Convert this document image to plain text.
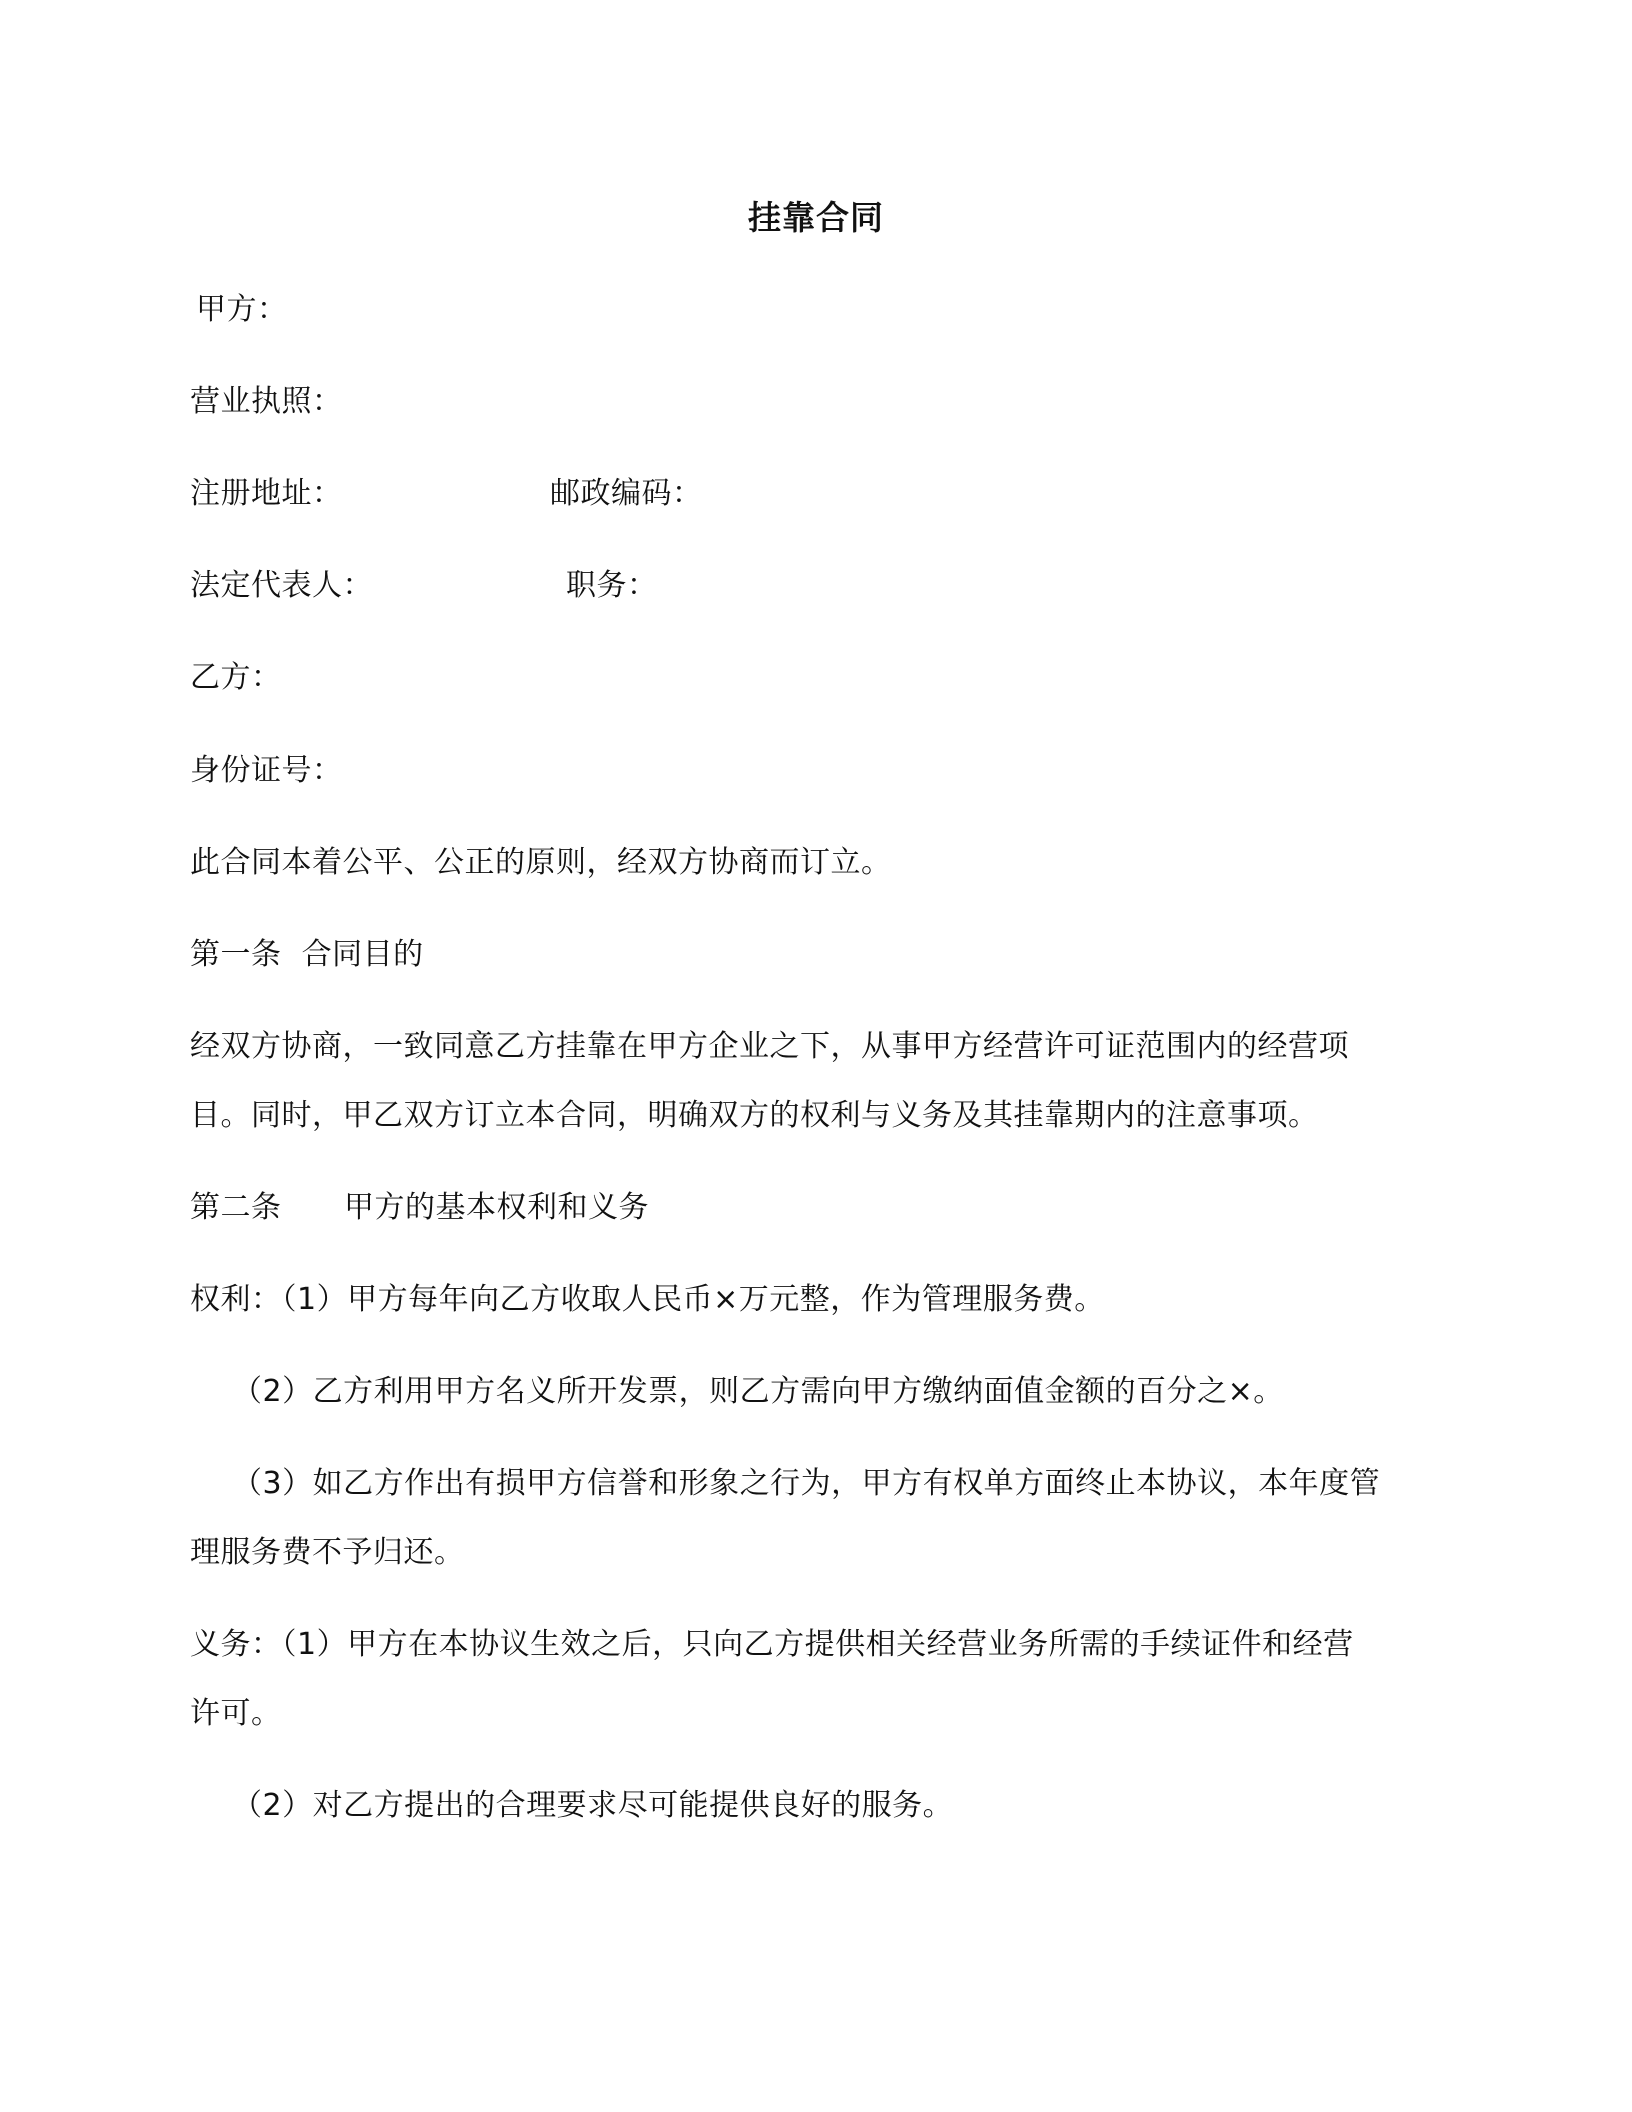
挂靠合同
甲方：
营业执照：
注册地址：	邮政编码：
法定代表人：	职务：
乙方：
身份证号：
此合同本着公平、公正的原则，经双方协商而订立。
第一条  合同目的
经双方协商，一致同意乙方挂靠在甲方企业之下，从事甲方经营许可证范围内的经营项
目。同时，甲乙双方订立本合同，明确双方的权利与义务及其挂靠期内的注意事项。
第二条 甲方的基本权利和义务
权利：（1）甲方每年向乙方收取人民币×万元整，作为管理服务费。
（2）乙方利用甲方名义所开发票，则乙方需向甲方缴纳面值金额的百分之×。
（3）如乙方作出有损甲方信誉和形象之行为，甲方有权单方面终止本协议，本年度管
理服务费不予归还。
义务：（1）甲方在本协议生效之后，只向乙方提供相关经营业务所需的手续证件和经营
许可。
（2）对乙方提出的合理要求尽可能提供良好的服务。
